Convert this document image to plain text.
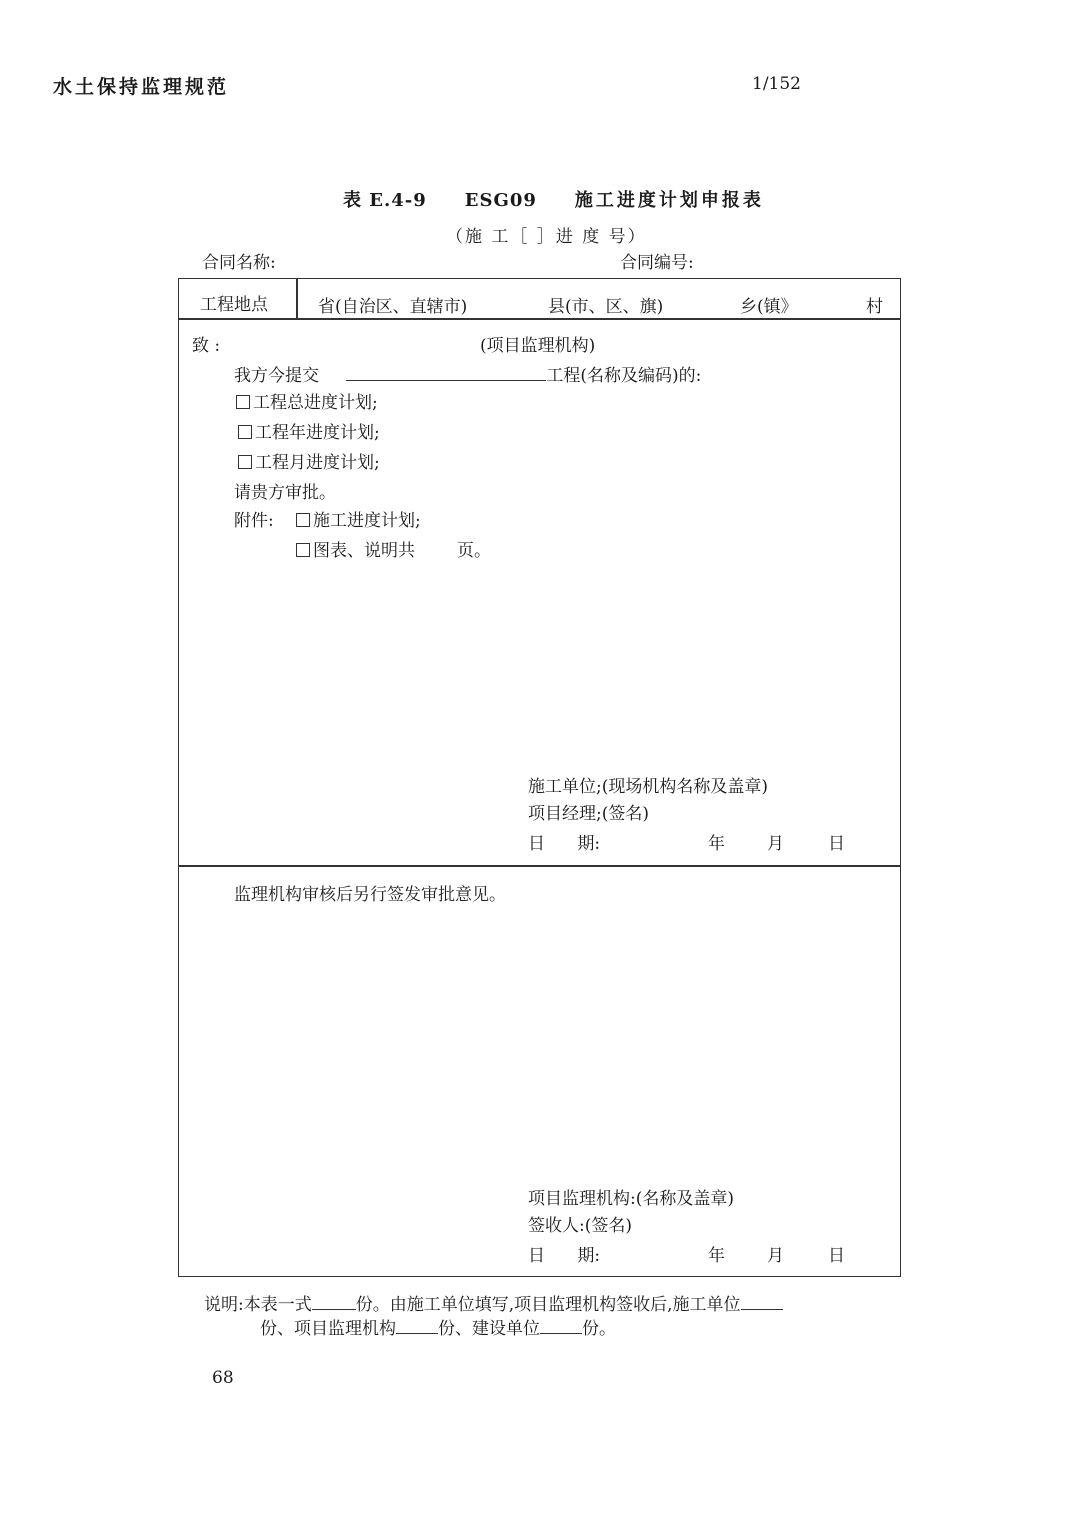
水土保持监理规范	1/152
表 E.4-9 ESG09 施工进度计划申报表
（施 工［ ］进 度 号）
合同名称:	合同编号:
工程地点	省(自治区、直辖市)	县(市、区、旗)	乡(镇》	村
致 :	(项目监理机构)
我方今提交	工程(名称及编码)的:
工程总进度计划;
工程年进度计划;
工程月进度计划;
请贵方审批。
附件:	施工进度计划;
图表、说明共 页。
施工单位;(现场机构名称及盖章)
项目经理;(签名)
日      期:	年 月	日
监理机构审核后另行签发审批意见。
项目监理机构:(名称及盖章)
签收人:(签名)
日      期:	年 月	日
说明:本表一式	份。由施工单位填写,项目监理机构签收后,施工单位
份、项目监理机构 份、建设单位 份。
68
